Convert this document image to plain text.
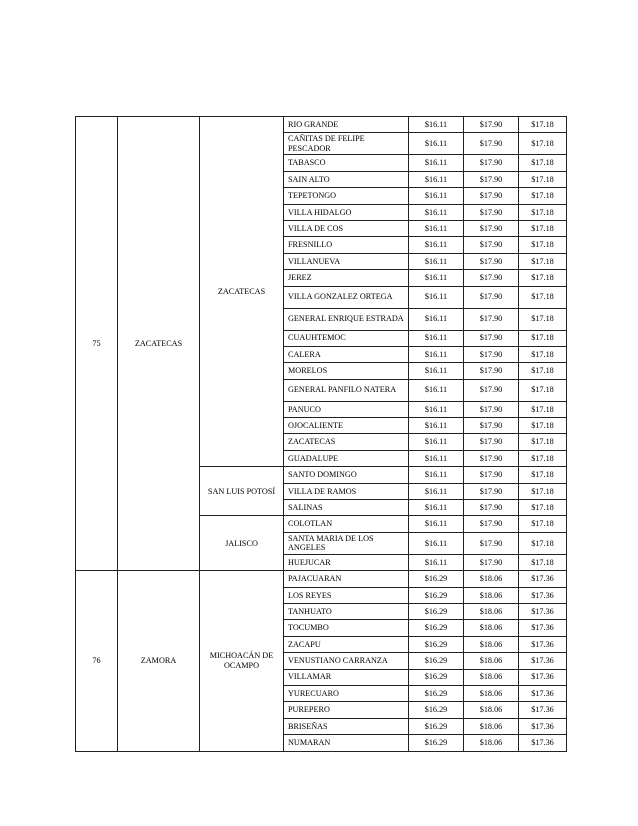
75	ZACATECAS	ZACATECAS	RIO GRANDE	$16.11	$17.90	$17.18
			CAÑITAS DE FELIPE PESCADOR	$16.11	$17.90	$17.18
			TABASCO	$16.11	$17.90	$17.18
			SAIN ALTO	$16.11	$17.90	$17.18
			TEPETONGO	$16.11	$17.90	$17.18
			VILLA HIDALGO	$16.11	$17.90	$17.18
			VILLA DE COS	$16.11	$17.90	$17.18
			FRESNILLO	$16.11	$17.90	$17.18
			VILLANUEVA	$16.11	$17.90	$17.18
			JEREZ	$16.11	$17.90	$17.18
			VILLA GONZALEZ ORTEGA	$16.11	$17.90	$17.18
			GENERAL ENRIQUE ESTRADA	$16.11	$17.90	$17.18
			CUAUHTEMOC	$16.11	$17.90	$17.18
			CALERA	$16.11	$17.90	$17.18
			MORELOS	$16.11	$17.90	$17.18
			GENERAL PANFILO NATERA	$16.11	$17.90	$17.18
			PANUCO	$16.11	$17.90	$17.18
			OJOCALIENTE	$16.11	$17.90	$17.18
			ZACATECAS	$16.11	$17.90	$17.18
			GUADALUPE	$16.11	$17.90	$17.18
		SAN LUIS POTOSÍ	SANTO DOMINGO	$16.11	$17.90	$17.18
			VILLA DE RAMOS	$16.11	$17.90	$17.18
			SALINAS	$16.11	$17.90	$17.18
		JALISCO	COLOTLAN	$16.11	$17.90	$17.18
			SANTA MARIA DE LOS ANGELES	$16.11	$17.90	$17.18
			HUEJUCAR	$16.11	$17.90	$17.18
76	ZAMORA	MICHOACÁN DE OCAMPO	PAJACUARAN	$16.29	$18.06	$17.36
			LOS REYES	$16.29	$18.06	$17.36
			TANHUATO	$16.29	$18.06	$17.36
			TOCUMBO	$16.29	$18.06	$17.36
			ZACAPU	$16.29	$18.06	$17.36
			VENUSTIANO CARRANZA	$16.29	$18.06	$17.36
			VILLAMAR	$16.29	$18.06	$17.36
			YURECUARO	$16.29	$18.06	$17.36
			PUREPERO	$16.29	$18.06	$17.36
			BRISEÑAS	$16.29	$18.06	$17.36
			NUMARAN	$16.29	$18.06	$17.36
